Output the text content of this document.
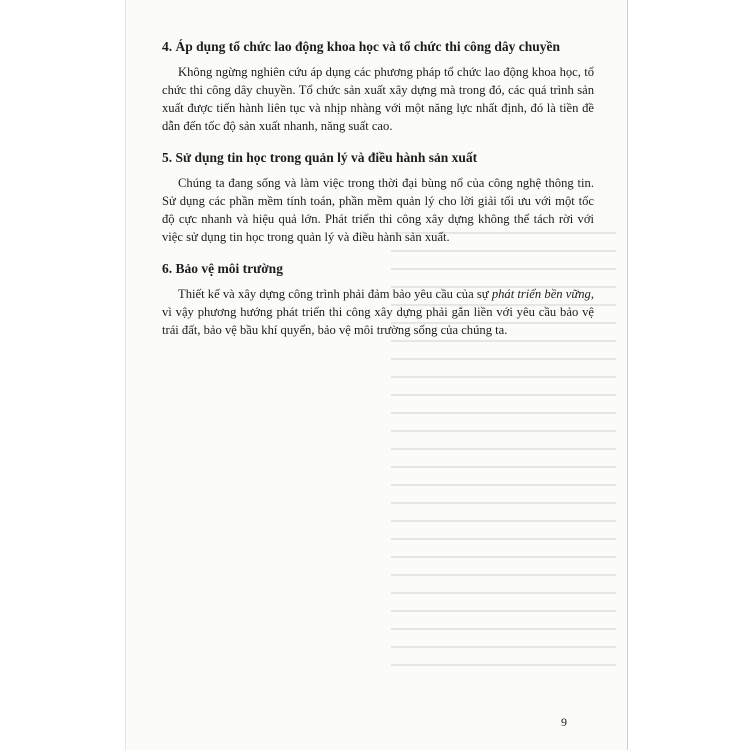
4. Áp dụng tổ chức lao động khoa học và tổ chức thi công dây chuyền

Không ngừng nghiên cứu áp dụng các phương pháp tổ chức lao động khoa học, tổ chức thi công dây chuyền. Tổ chức sản xuất xây dựng mà trong đó, các quá trình sản xuất được tiến hành liên tục và nhịp nhàng với một năng lực nhất định, đó là tiền đề dẫn đến tốc độ sản xuất nhanh, năng suất cao.

5. Sử dụng tin học trong quản lý và điều hành sản xuất

Chúng ta đang sống và làm việc trong thời đại bùng nổ của công nghệ thông tin. Sử dụng các phần mềm tính toán, phần mềm quản lý cho lời giải tối ưu với một tốc độ cực nhanh và hiệu quả lớn. Phát triển thi công xây dựng không thể tách rời với việc sử dụng tin học trong quản lý và điều hành sản xuất.

6. Bảo vệ môi trường

Thiết kế và xây dựng công trình phải đảm bảo yêu cầu của sự phát triển bền vững, vì vậy phương hướng phát triển thi công xây dựng phải gắn liền với yêu cầu bảo vệ trái đất, bảo vệ bầu khí quyển, bảo vệ môi trường sống của chúng ta.

9
